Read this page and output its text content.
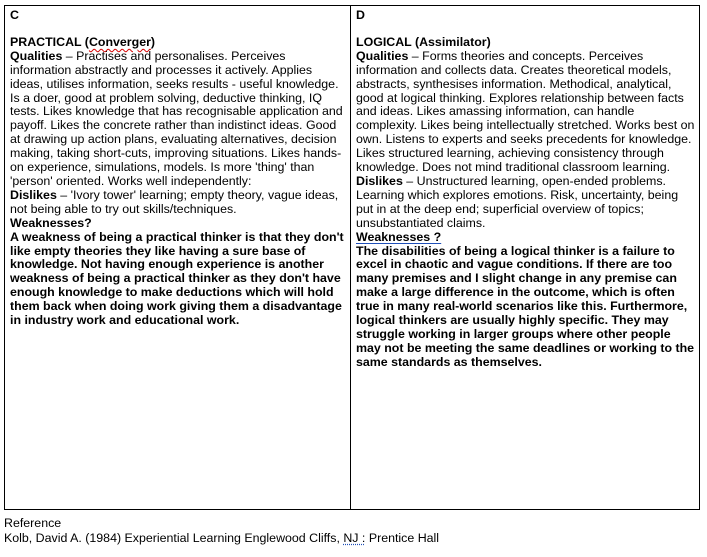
C

PRACTICAL (Converger)

Qualities – Practises and personalises. Perceives information abstractly and processes it actively. Applies ideas, utilises information, seeks results - useful knowledge. Is a doer, good at problem solving, deductive thinking, IQ tests. Likes knowledge that has recognisable application and payoff. Likes the concrete rather than indistinct ideas. Good at drawing up action plans, evaluating alternatives, decision making, taking short-cuts, improving situations. Likes hands-on experience, simulations, models. Is more 'thing' than 'person' oriented. Works well independently:

Dislikes – 'Ivory tower' learning; empty theory, vague ideas, not being able to try out skills/techniques.

Weaknesses?

A weakness of being a practical thinker is that they don't like empty theories they like having a sure base of knowledge. Not having enough experience is another weakness of being a practical thinker as they don't have enough knowledge to make deductions which will hold them back when doing work giving them a disadvantage in industry work and educational work.

D

LOGICAL (Assimilator)

Qualities – Forms theories and concepts. Perceives information and collects data. Creates theoretical models, abstracts, synthesises information. Methodical, analytical, good at logical thinking. Explores relationship between facts and ideas. Likes amassing information, can handle complexity. Likes being intellectually stretched. Works best on own. Listens to experts and seeks precedents for knowledge. Likes structured learning, achieving consistency through knowledge. Does not mind traditional classroom learning.

Dislikes – Unstructured learning, open-ended problems. Learning which explores emotions. Risk, uncertainty, being put in at the deep end; superficial overview of topics; unsubstantiated claims.

Weaknesses ?

The disabilities of being a logical thinker is a failure to excel in chaotic and vague conditions. If there are too many premises and I slight change in any premise can make a large difference in the outcome, which is often true in many real-world scenarios like this. Furthermore, logical thinkers are usually highly specific. They may struggle working in larger groups where other people may not be meeting the same deadlines or working to the same standards as themselves.

Reference

Kolb, David A. (1984) Experiential Learning Englewood Cliffs, NJ : Prentice Hall
